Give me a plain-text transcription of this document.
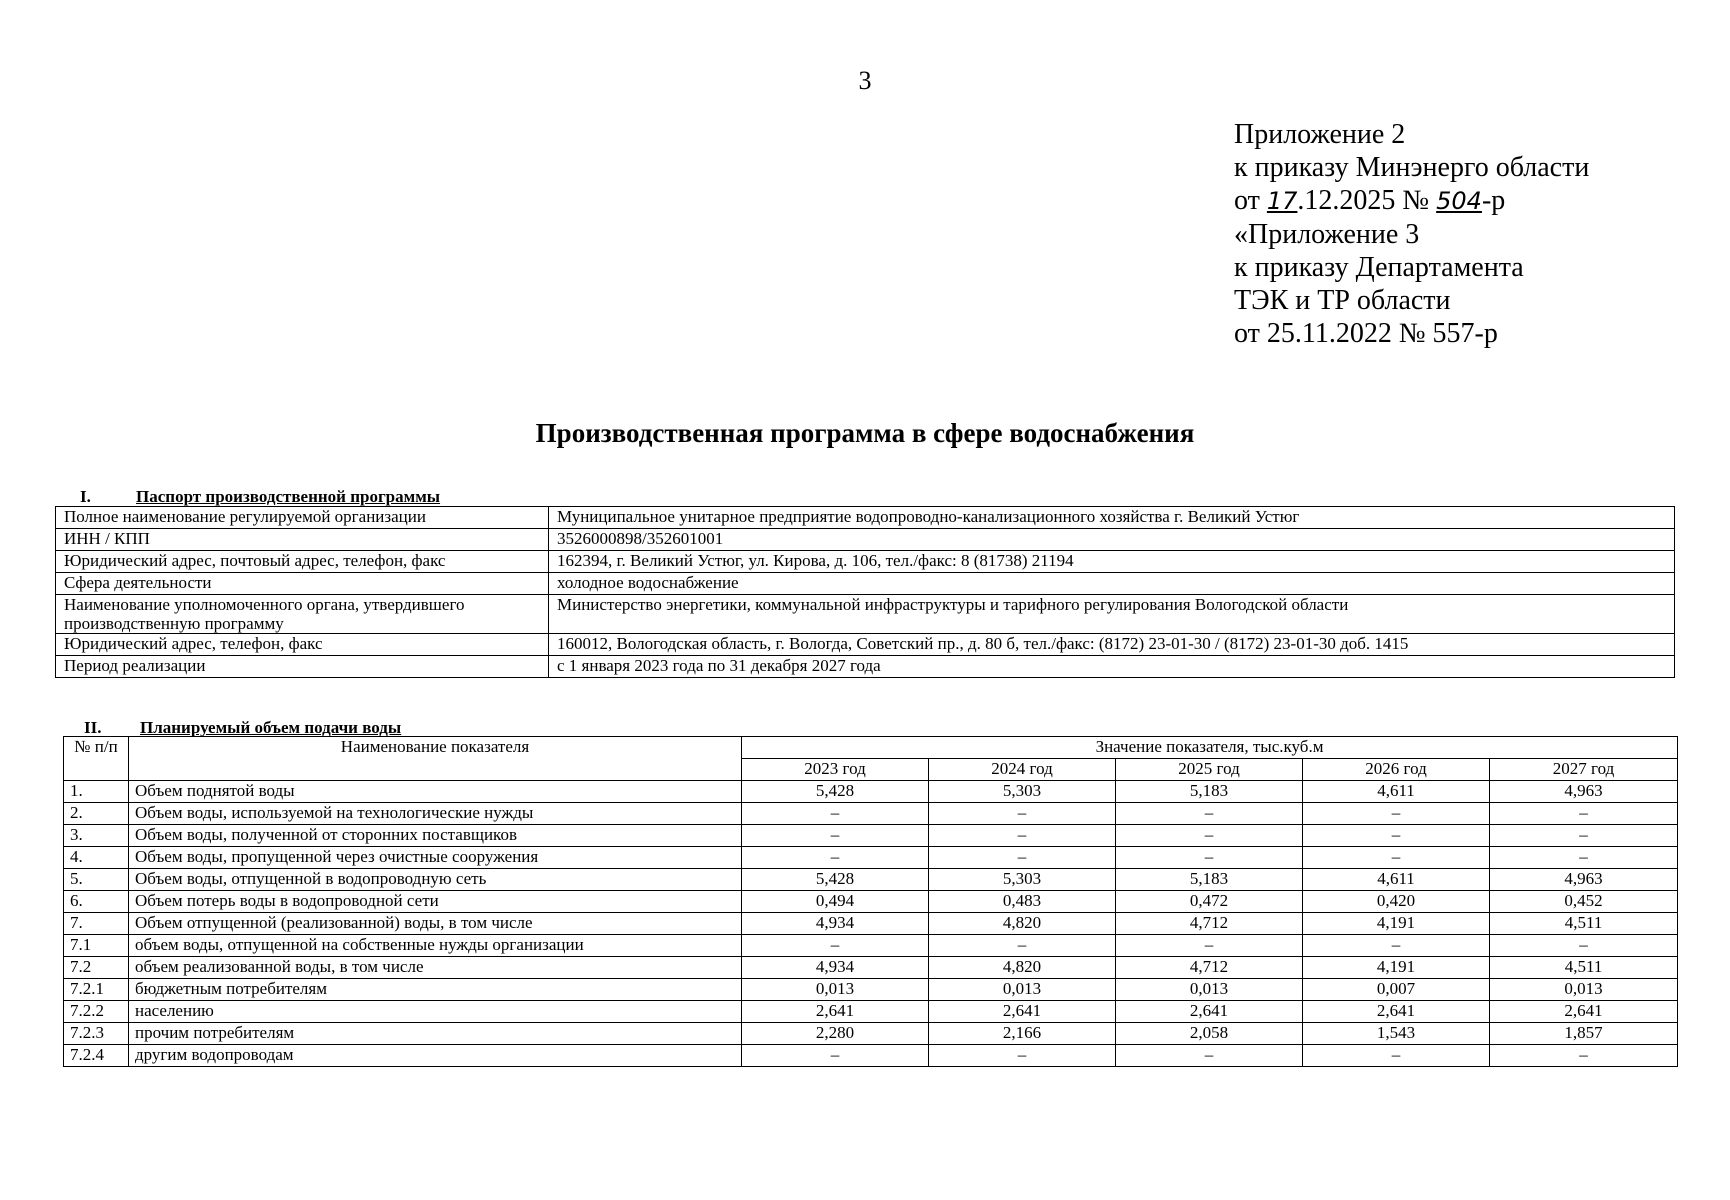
3
Приложение 2
к приказу Минэнерго области
от 17.12.2025 № 504-р
«Приложение 3
к приказу Департамента
ТЭК и ТР области
от 25.11.2022 № 557-р
Производственная программа в сфере водоснабжения
I.	Паспорт производственной программы
Полное наименование регулируемой организации	Муниципальное унитарное предприятие водопроводно-канализационного хозяйства г. Великий Устюг
ИНН / КПП	3526000898/352601001
Юридический адрес, почтовый адрес, телефон, факс	162394, г. Великий Устюг, ул. Кирова, д. 106, тел./факс: 8 (81738) 21194
Сфера деятельности	холодное водоснабжение
Наименование уполномоченного органа, утвердившего производственную программу	Министерство энергетики, коммунальной инфраструктуры и тарифного регулирования Вологодской области
Юридический адрес, телефон, факс	160012, Вологодская область, г. Вологда, Советский пр., д. 80 б, тел./факс: (8172) 23-01-30 / (8172) 23-01-30 доб. 1415
Период реализации	с 1 января 2023 года по 31 декабря 2027 года
II. Планируемый объем подачи воды
№ п/п	Наименование показателя	Значение показателя, тыс.куб.м				
		2023 год	2024 год	2025 год	2026 год	2027 год
1.	Объем поднятой воды	5,428	5,303	5,183	4,611	4,963
2.	Объем воды, используемой на технологические нужды	–	–	–	–	–
3.	Объем воды, полученной от сторонних поставщиков	–	–	–	–	–
4.	Объем воды, пропущенной через очистные сооружения	–	–	–	–	–
5.	Объем воды, отпущенной в водопроводную сеть	5,428	5,303	5,183	4,611	4,963
6.	Объем потерь воды в водопроводной сети	0,494	0,483	0,472	0,420	0,452
7.	Объем отпущенной (реализованной) воды, в том числе	4,934	4,820	4,712	4,191	4,511
7.1	объем воды, отпущенной на собственные нужды организации	–	–	–	–	–
7.2	объем реализованной воды, в том числе	4,934	4,820	4,712	4,191	4,511
7.2.1	бюджетным потребителям	0,013	0,013	0,013	0,007	0,013
7.2.2	населению	2,641	2,641	2,641	2,641	2,641
7.2.3	прочим потребителям	2,280	2,166	2,058	1,543	1,857
7.2.4	другим водопроводам	–	–	–	–	–
